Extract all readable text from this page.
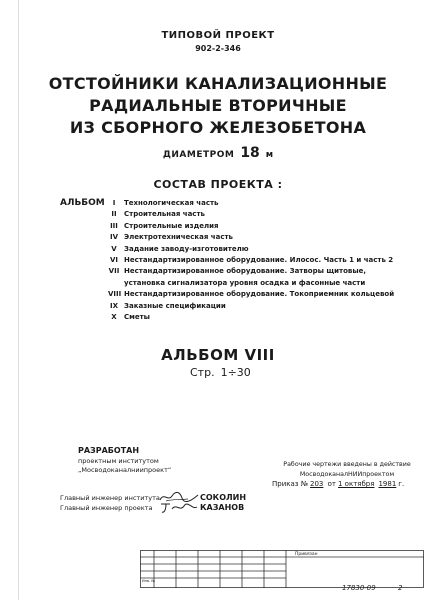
ТИПОВОЙ ПРОЕКТ
902-2-346
ОТСТОЙНИКИ КАНАЛИЗАЦИОННЫЕ
РАДИАЛЬНЫЕ ВТОРИЧНЫЕ
ИЗ СБОРНОГО ЖЕЛЕЗОБЕТОНА
ДИАМЕТРОМ 18 м
СОСТАВ ПРОЕКТА :
АЛЬБОМ	I	Технологическая часть
II	Строительная часть
III Строительные изделия
IV Электротехническая часть
V	Задание заводу-изготовителю
VI Нестандартизированное оборудование. Илосос. Часть 1 и часть 2
VII Нестандартизированное оборудование. Затворы щитовые,
установка сигнализатора уровня осадка и фасонные части
VIII Нестандартизированное оборудование. Токоприемник кольцевой
IX Заказные спецификации
X	Сметы
АЛЬБОМ VIII
Стр. 1÷30
РАЗРАБОТАН
проектным институтом
„Мосводоканалниипроект“
Главный инженер института	СОКОЛИН
Главный инженер проекта	КАЗАНОВ
Рабочие чертежи введены в действие
МосводоканалНИИпроектом
Приказ № 203 от 1 октября 1981 г.
Привязан
Инв. №
17830-09	2
